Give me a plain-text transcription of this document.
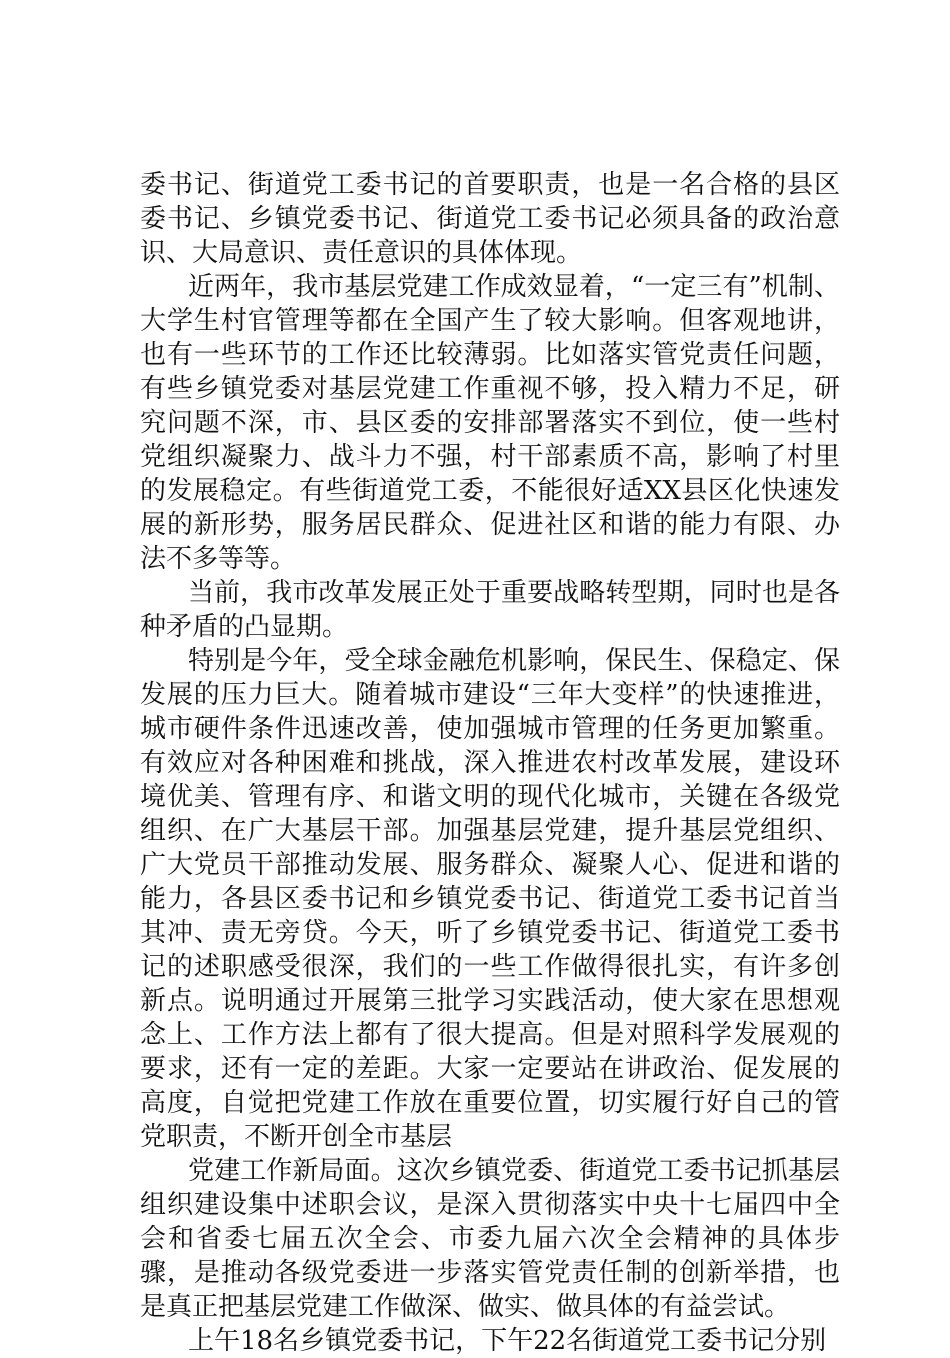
委书记、街道党工委书记的首要职责，也是一名合格的县区委书记、乡镇党委书记、街道党工委书记必须具备的政治意识、大局意识、责任意识的具体体现。

近两年，我市基层党建工作成效显着，“一定三有”机制、大学生村官管理等都在全国产生了较大影响。但客观地讲，也有一些环节的工作还比较薄弱。比如落实管党责任问题，有些乡镇党委对基层党建工作重视不够，投入精力不足，研究问题不深，市、县区委的安排部署落实不到位，使一些村党组织凝聚力、战斗力不强，村干部素质不高，影响了村里的发展稳定。有些街道党工委，不能很好适XX县区化快速发展的新形势，服务居民群众、促进社区和谐的能力有限、办法不多等等。

当前，我市改革发展正处于重要战略转型期，同时也是各种矛盾的凸显期。

特别是今年，受全球金融危机影响，保民生、保稳定、保发展的压力巨大。随着城市建设“三年大变样”的快速推进，城市硬件条件迅速改善，使加强城市管理的任务更加繁重。有效应对各种困难和挑战，深入推进农村改革发展，建设环境优美、管理有序、和谐文明的现代化城市，关键在各级党组织、在广大基层干部。加强基层党建，提升基层党组织、广大党员干部推动发展、服务群众、凝聚人心、促进和谐的能力，各县区委书记和乡镇党委书记、街道党工委书记首当其冲、责无旁贷。今天，听了乡镇党委书记、街道党工委书记的述职感受很深，我们的一些工作做得很扎实，有许多创新点。说明通过开展第三批学习实践活动，使大家在思想观念上、工作方法上都有了很大提高。但是对照科学发展观的要求，还有一定的差距。大家一定要站在讲政治、促发展的高度，自觉把党建工作放在重要位置，切实履行好自己的管党职责，不断开创全市基层

党建工作新局面。这次乡镇党委、街道党工委书记抓基层组织建设集中述职会议，是深入贯彻落实中央十七届四中全会和省委七届五次全会、市委九届六次全会精神的具体步骤，是推动各级党委进一步落实管党责任制的创新举措，也是真正把基层党建工作做深、做实、做具体的有益尝试。

上午18名乡镇党委书记，下午22名街道党工委书记分别
